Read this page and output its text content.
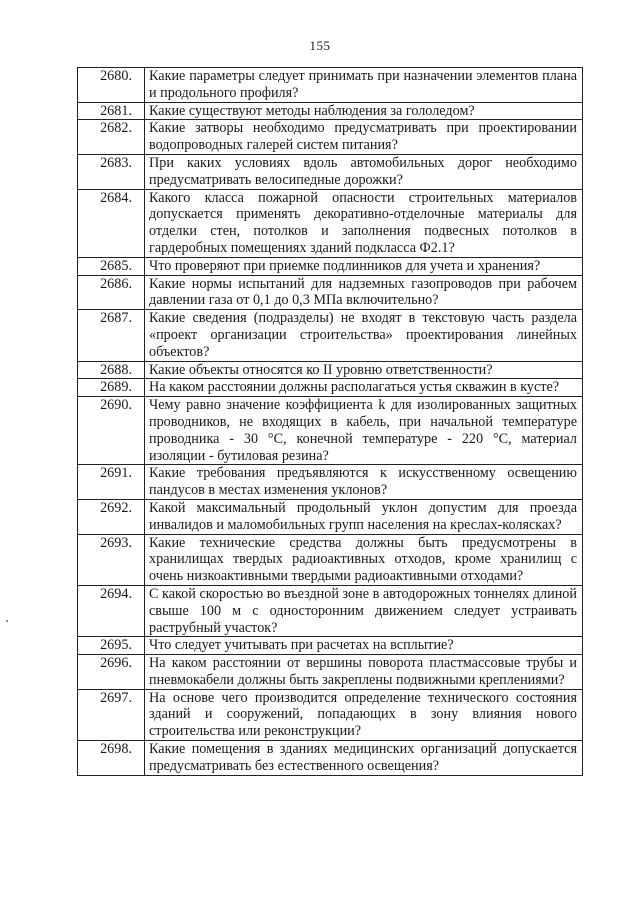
155
2680.	Какие параметры следует принимать при назначении элементов плана и продольного профиля?
2681.	Какие существуют методы наблюдения за гололедом?
2682.	Какие затворы необходимо предусматривать при проектировании водопроводных галерей систем питания?
2683.	При каких условиях вдоль автомобильных дорог необходимо предусматривать велосипедные дорожки?
2684.	Какого класса пожарной опасности строительных материалов допускается применять декоративно-отделочные материалы для отделки стен, потолков и заполнения подвесных потолков в гардеробных помещениях зданий подкласса Ф2.1?
2685.	Что проверяют при приемке подлинников для учета и хранения?
2686.	Какие нормы испытаний для надземных газопроводов при рабочем давлении газа от 0,1 до 0,3 МПа включительно?
2687.	Какие сведения (подразделы) не входят в текстовую часть раздела «проект организации строительства» проектирования линейных объектов?
2688.	Какие объекты относятся ко II уровню ответственности?
2689.	На каком расстоянии должны располагаться устья скважин в кусте?
2690.	Чему равно значение коэффициента k для изолированных защитных проводников, не входящих в кабель, при начальной температуре проводника - 30 °С, конечной температуре - 220 °С, материал изоляции - бутиловая резина?
2691.	Какие требования предъявляются к искусственному освещению пандусов в местах изменения уклонов?
2692.	Какой максимальный продольный уклон допустим для проезда инвалидов и маломобильных групп населения на креслах-колясках?
2693.	Какие технические средства должны быть предусмотрены в хранилищах твердых радиоактивных отходов, кроме хранилищ с очень низкоактивными твердыми радиоактивными отходами?
2694.	С какой скоростью во въездной зоне в автодорожных тоннелях длиной свыше 100 м с односторонним движением следует устраивать раструбный участок?
2695.	Что следует учитывать при расчетах на всплытие?
2696.	На каком расстоянии от вершины поворота пластмассовые трубы и пневмокабели должны быть закреплены подвижными креплениями?
2697.	На основе чего производится определение технического состояния зданий и сооружений, попадающих в зону влияния нового строительства или реконструкции?
2698.	Какие помещения в зданиях медицинских организаций допускается предусматривать без естественного освещения?
